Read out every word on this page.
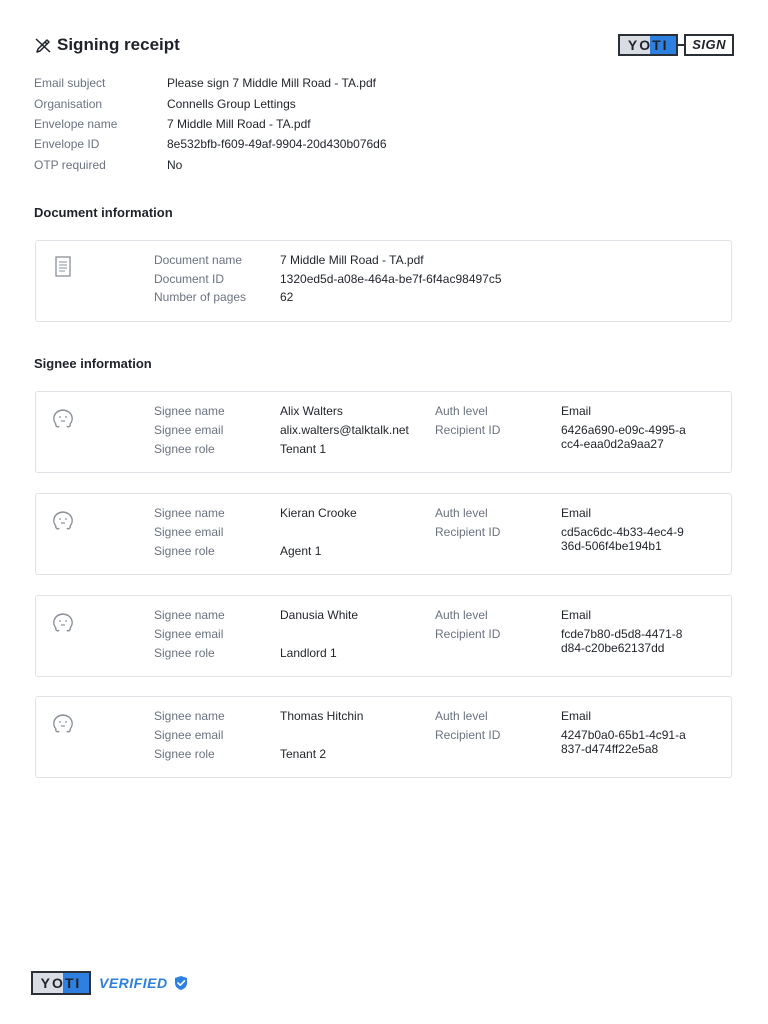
Signing receipt	YOTI	SIGN
Email subject	Please sign 7 Middle Mill Road - TA.pdf
Organisation	Connells Group Lettings
Envelope name	7 Middle Mill Road - TA.pdf
Envelope ID	8e532bfb-f609-49af-9904-20d430b076d6
OTP required	No
Document information
Document name	7 Middle Mill Road - TA.pdf
Document ID	1320ed5d-a08e-464a-be7f-6f4ac98497c5
Number of pages	62
Signee information
Signee name	Alix Walters
Signee email	alix.walters@talktalk.net
Signee role	Tenant 1
Auth level	Email
Recipient ID	6426a690-e09c-4995-acc4-eaa0d2a9aa27
Signee name	Kieran Crooke
Signee email
Signee role	Agent 1
Auth level	Email
Recipient ID	cd5ac6dc-4b33-4ec4-936d-506f4be194b1
Signee name	Danusia White
Signee email
Signee role	Landlord 1
Auth level	Email
Recipient ID	fcde7b80-d5d8-4471-8d84-c20be62137dd
Signee name	Thomas Hitchin
Signee email
Signee role	Tenant 2
Auth level	Email
Recipient ID	4247b0a0-65b1-4c91-a837-d474ff22e5a8
YOTI	VERIFIED
